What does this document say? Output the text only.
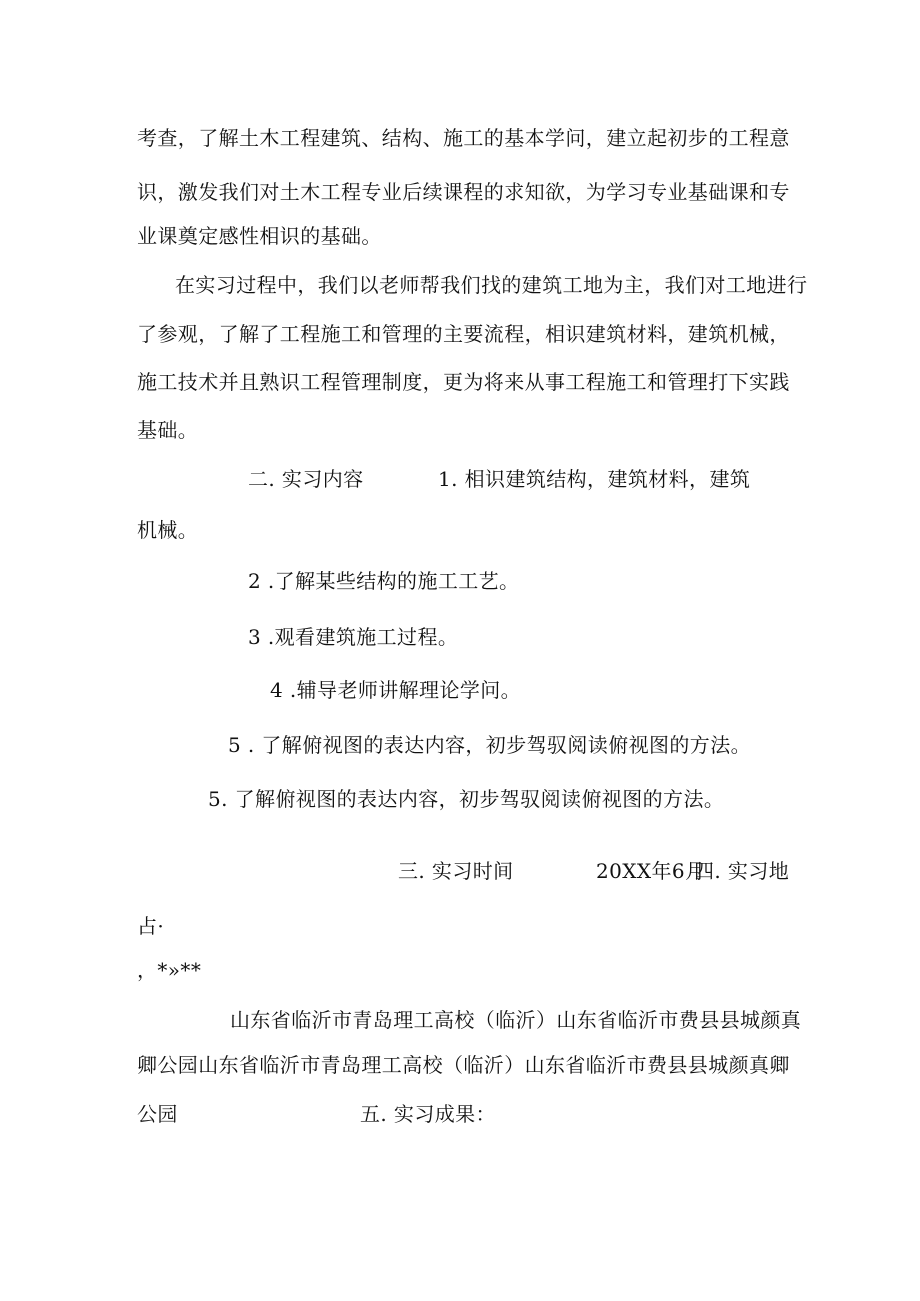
考查，了解土木工程建筑、结构、施工的基本学问，建立起初步的工程意
识，激发我们对土木工程专业后续课程的求知欲，为学习专业基础课和专
业课奠定感性相识的基础。
在实习过程中，我们以老师帮我们找的建筑工地为主，我们对工地进行
了参观，了解了工程施工和管理的主要流程，相识建筑材料，建筑机械，
施工技术并且熟识工程管理制度，更为将来从事工程施工和管理打下实践
基础。
二. 实习内容	1. 相识建筑结构，建筑材料，建筑
机械。
2 .了解某些结构的施工工艺。
3 .观看建筑施工过程。
4 .辅导老师讲解理论学问。
5 . 了解俯视图的表达内容，初步驾驭阅读俯视图的方法。
5. 了解俯视图的表达内容，初步驾驭阅读俯视图的方法。
三. 实习时间	20XX年6月
四. 实习地
占·
，*»**
山东省临沂市青岛理工高校（临沂）山东省临沂市费县县城颜真
卿公园山东省临沂市青岛理工高校（临沂）山东省临沂市费县县城颜真卿
公园	五. 实习成果：
